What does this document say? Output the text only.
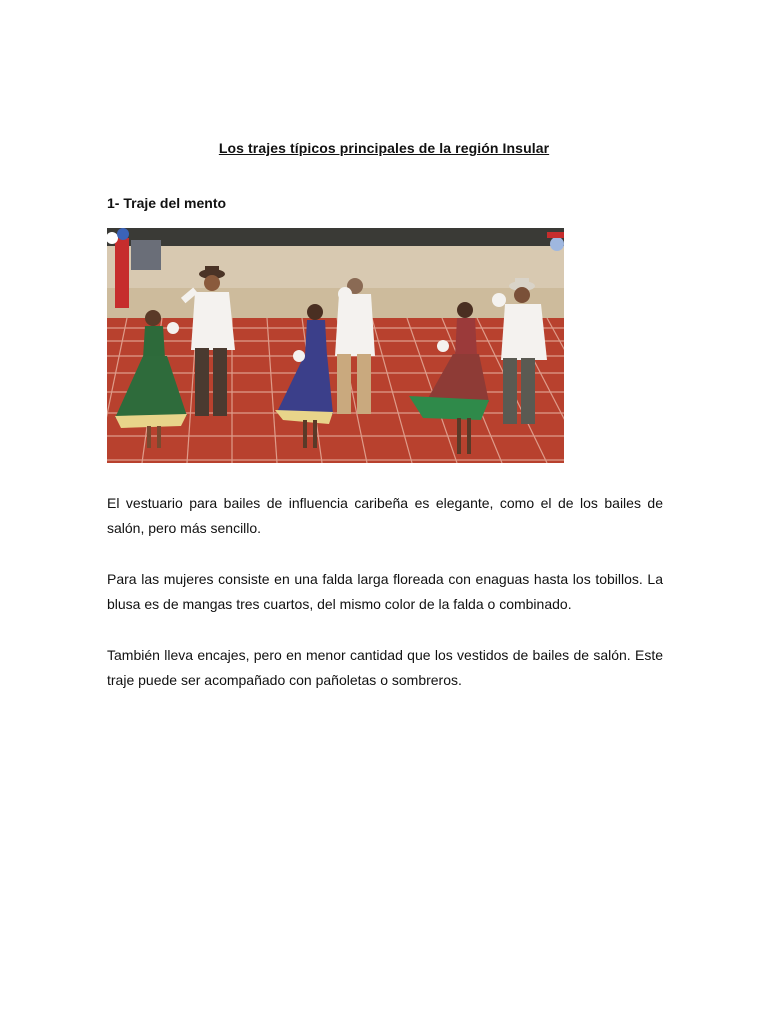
Los trajes típicos principales de la región Insular
1- Traje del mento

El vestuario para bailes de influencia caribeña es elegante, como el de los bailes de salón, pero más sencillo.

Para las mujeres consiste en una falda larga floreada con enaguas hasta los tobillos. La blusa es de mangas tres cuartos, del mismo color de la falda o combinado.

También lleva encajes, pero en menor cantidad que los vestidos de bailes de salón. Este traje puede ser acompañado con pañoletas o sombreros.
